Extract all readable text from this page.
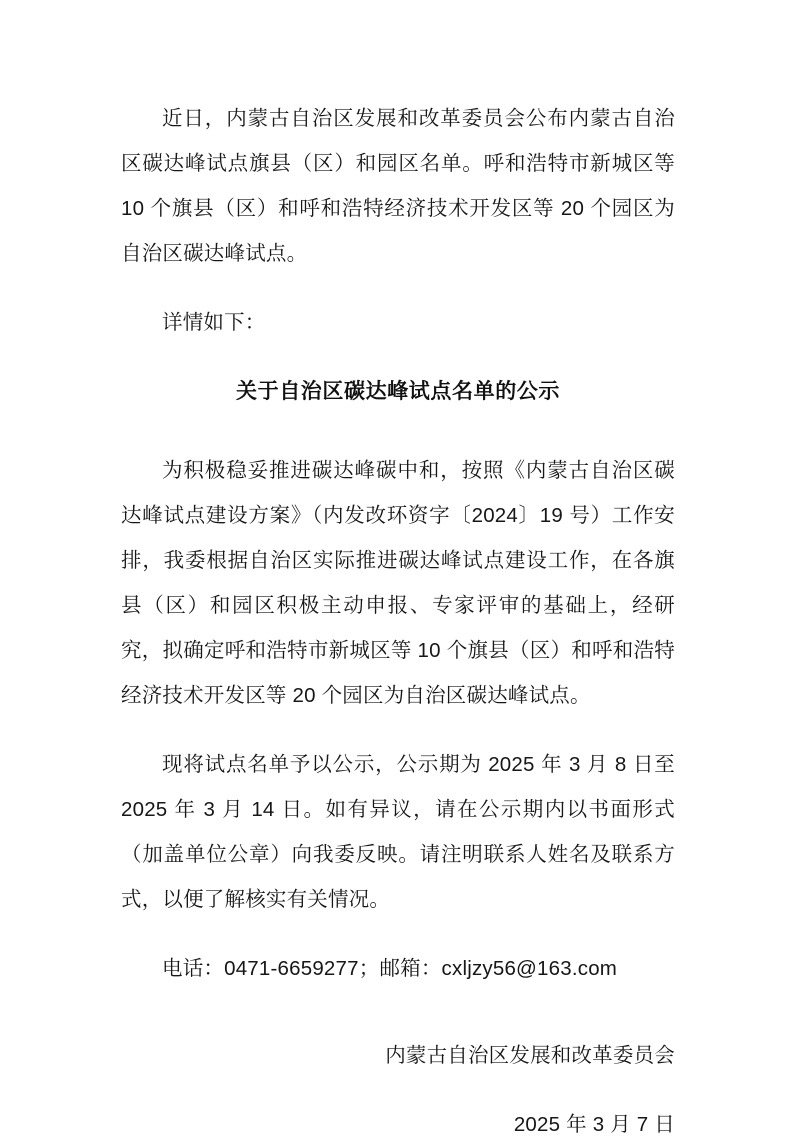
近日，内蒙古自治区发展和改革委员会公布内蒙古自治区碳达峰试点旗县（区）和园区名单。呼和浩特市新城区等 10 个旗县（区）和呼和浩特经济技术开发区等 20 个园区为自治区碳达峰试点。

详情如下：

关于自治区碳达峰试点名单的公示

为积极稳妥推进碳达峰碳中和，按照《内蒙古自治区碳达峰试点建设方案》（内发改环资字〔2024〕19 号）工作安排，我委根据自治区实际推进碳达峰试点建设工作，在各旗县（区）和园区积极主动申报、专家评审的基础上，经研究，拟确定呼和浩特市新城区等 10 个旗县（区）和呼和浩特经济技术开发区等 20 个园区为自治区碳达峰试点。

现将试点名单予以公示，公示期为 2025 年 3 月 8 日至 2025 年 3 月 14 日。如有异议，请在公示期内以书面形式（加盖单位公章）向我委反映。请注明联系人姓名及联系方式，以便了解核实有关情况。

电话：0471-6659277；邮箱：cxljzy56@163.com

内蒙古自治区发展和改革委员会

2025 年 3 月 7 日
